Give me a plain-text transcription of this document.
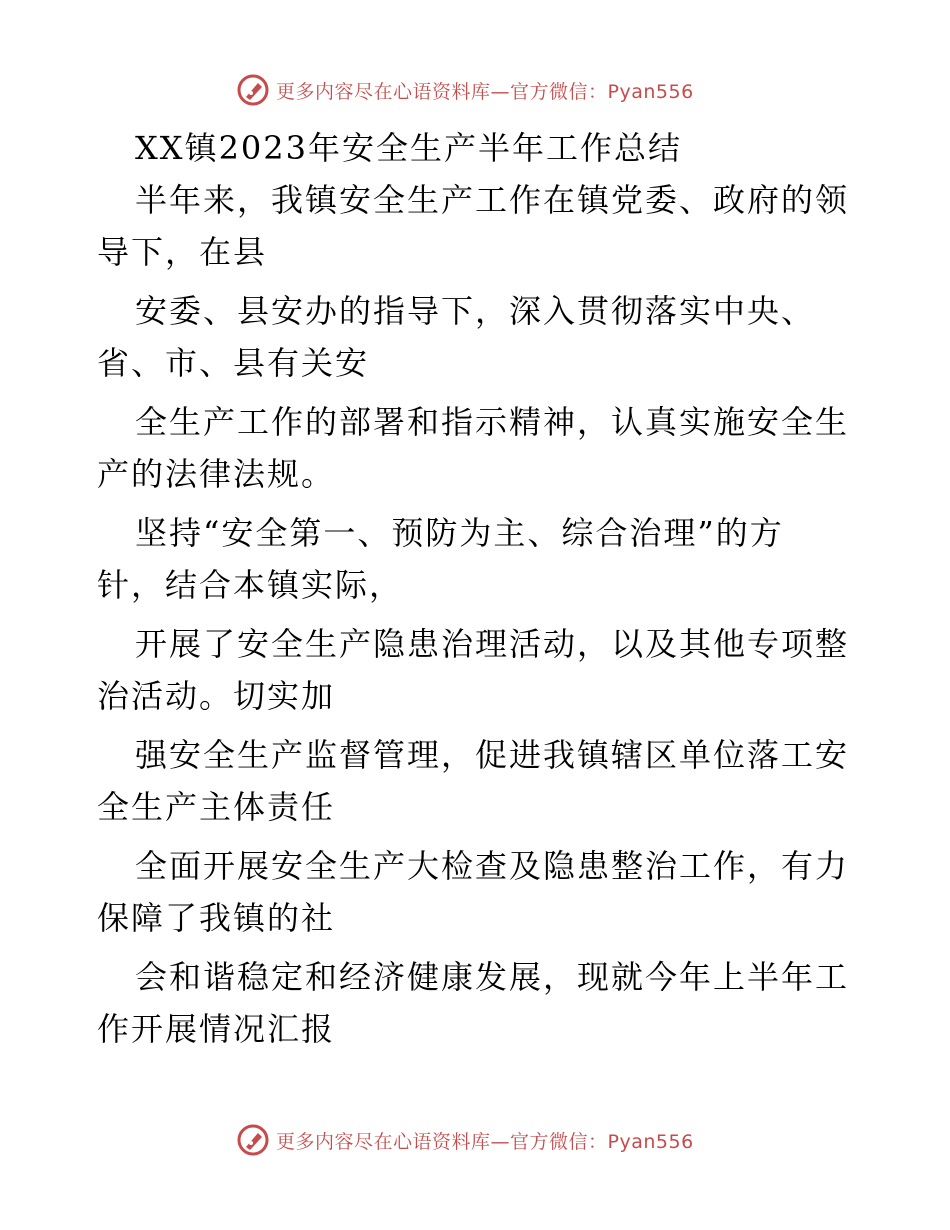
更多内容尽在心语资料库—官方微信：Pyan556
XX镇2023年安全生产半年工作总结
半年来，我镇安全生产工作在镇党委、政府的领
导下，在县
安委、县安办的指导下，深入贯彻落实中央、
省、市、县有关安
全生产工作的部署和指示精神，认真实施安全生
产的法律法规。
坚持“安全第一、预防为主、综合治理”的方
针，结合本镇实际，
开展了安全生产隐患治理活动，以及其他专项整
治活动。切实加
强安全生产监督管理，促进我镇辖区单位落工安
全生产主体责任
全面开展安全生产大检查及隐患整治工作，有力
保障了我镇的社
会和谐稳定和经济健康发展，现就今年上半年工
作开展情况汇报
更多内容尽在心语资料库—官方微信：Pyan556
